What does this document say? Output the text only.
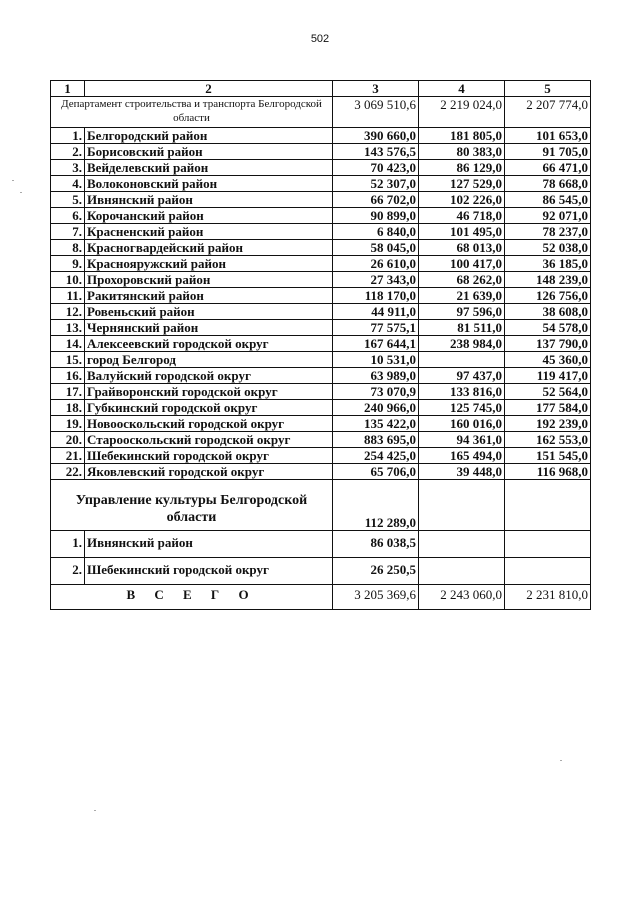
502
1	2	3	4	5
Департамент строительства и транспорта Белгородской области		3 069 510,6	2 219 024,0	2 207 774,0
1.	Белгородский район	390 660,0	181 805,0	101 653,0
2.	Борисовский район	143 576,5	80 383,0	91 705,0
3.	Вейделевский район	70 423,0	86 129,0	66 471,0
4.	Волоконовский район	52 307,0	127 529,0	78 668,0
5.	Ивнянский район	66 702,0	102 226,0	86 545,0
6.	Корочанский район	90 899,0	46 718,0	92 071,0
7.	Красненский район	6 840,0	101 495,0	78 237,0
8.	Красногвардейский район	58 045,0	68 013,0	52 038,0
9.	Краснояружский район	26 610,0	100 417,0	36 185,0
10.	Прохоровский район	27 343,0	68 262,0	148 239,0
11.	Ракитянский район	118 170,0	21 639,0	126 756,0
12.	Ровеньский район	44 911,0	97 596,0	38 608,0
13.	Чернянский район	77 575,1	81 511,0	54 578,0
14.	Алексеевский городской округ	167 644,1	238 984,0	137 790,0
15.	город Белгород	10 531,0		45 360,0
16.	Валуйский городской округ	63 989,0	97 437,0	119 417,0
17.	Грайворонский городской округ	73 070,9	133 816,0	52 564,0
18.	Губкинский городской округ	240 966,0	125 745,0	177 584,0
19.	Новооскольский городской округ	135 422,0	160 016,0	192 239,0
20.	Старооскольский городской округ	883 695,0	94 361,0	162 553,0
21.	Шебекинский городской округ	254 425,0	165 494,0	151 545,0
22.	Яковлевский городской округ	65 706,0	39 448,0	116 968,0
Управление культуры Белгородской области		112 289,0		
1.	Ивнянский район	86 038,5		
2.	Шебекинский городской округ	26 250,5		
В С Е Г О		3 205 369,6	2 243 060,0	2 231 810,0
